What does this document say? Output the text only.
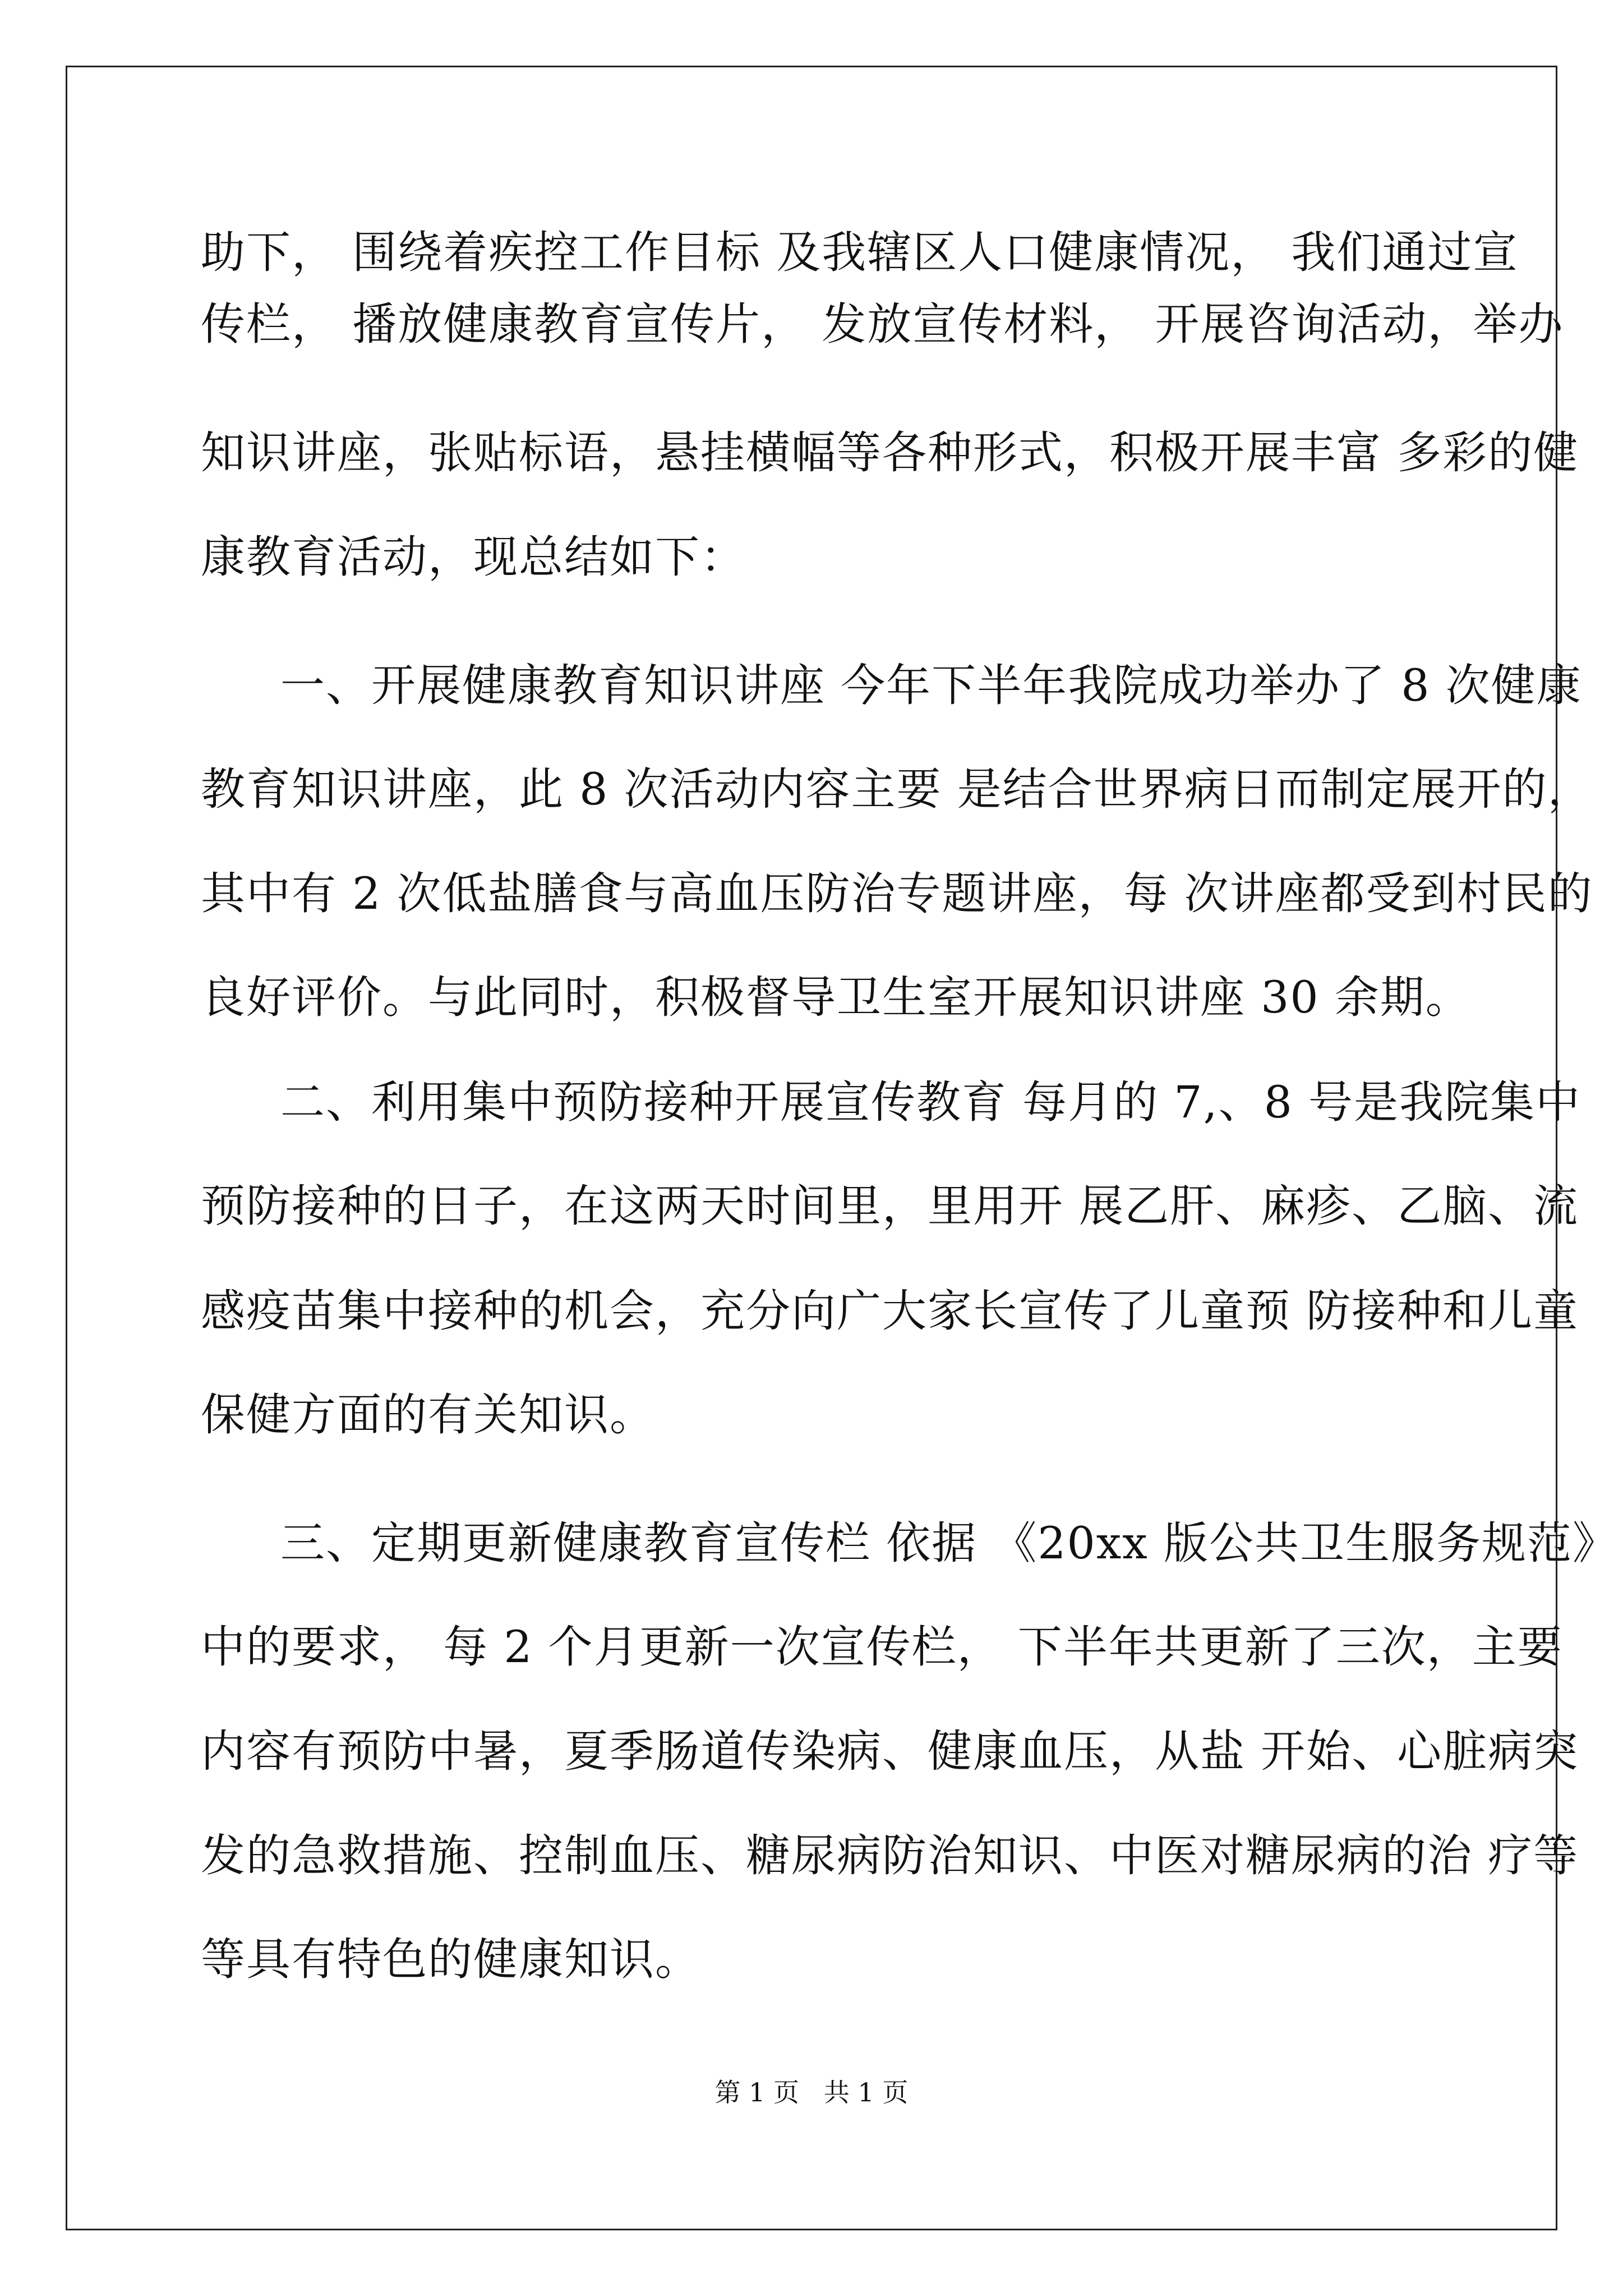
助下， 围绕着疾控工作目标 及我辖区人口健康情况， 我们通过宣
传栏， 播放健康教育宣传片， 发放宣传材料， 开展咨询活动，举办
知识讲座，张贴标语，悬挂横幅等各种形式，积极开展丰富 多彩的健
康教育活动，现总结如下：
一、开展健康教育知识讲座 今年下半年我院成功举办了 8 次健康
教育知识讲座，此 8 次活动内容主要 是结合世界病日而制定展开的，
其中有 2 次低盐膳食与高血压防治专题讲座，每 次讲座都受到村民的
良好评价。与此同时，积极督导卫生室开展知识讲座 30 余期。
二、利用集中预防接种开展宣传教育 每月的 7,、8 号是我院集中
预防接种的日子，在这两天时间里，里用开 展乙肝、麻疹、乙脑、流
感疫苗集中接种的机会，充分向广大家长宣传了儿童预 防接种和儿童
保健方面的有关知识。
三、定期更新健康教育宣传栏 依据 《20xx 版公共卫生服务规范》
中的要求， 每 2 个月更新一次宣传栏， 下半年共更新了三次，主要
内容有预防中暑，夏季肠道传染病、健康血压，从盐 开始、心脏病突
发的急救措施、控制血压、糖尿病防治知识、中医对糖尿病的治 疗等
等具有特色的健康知识。
第 1 页   共 1 页
